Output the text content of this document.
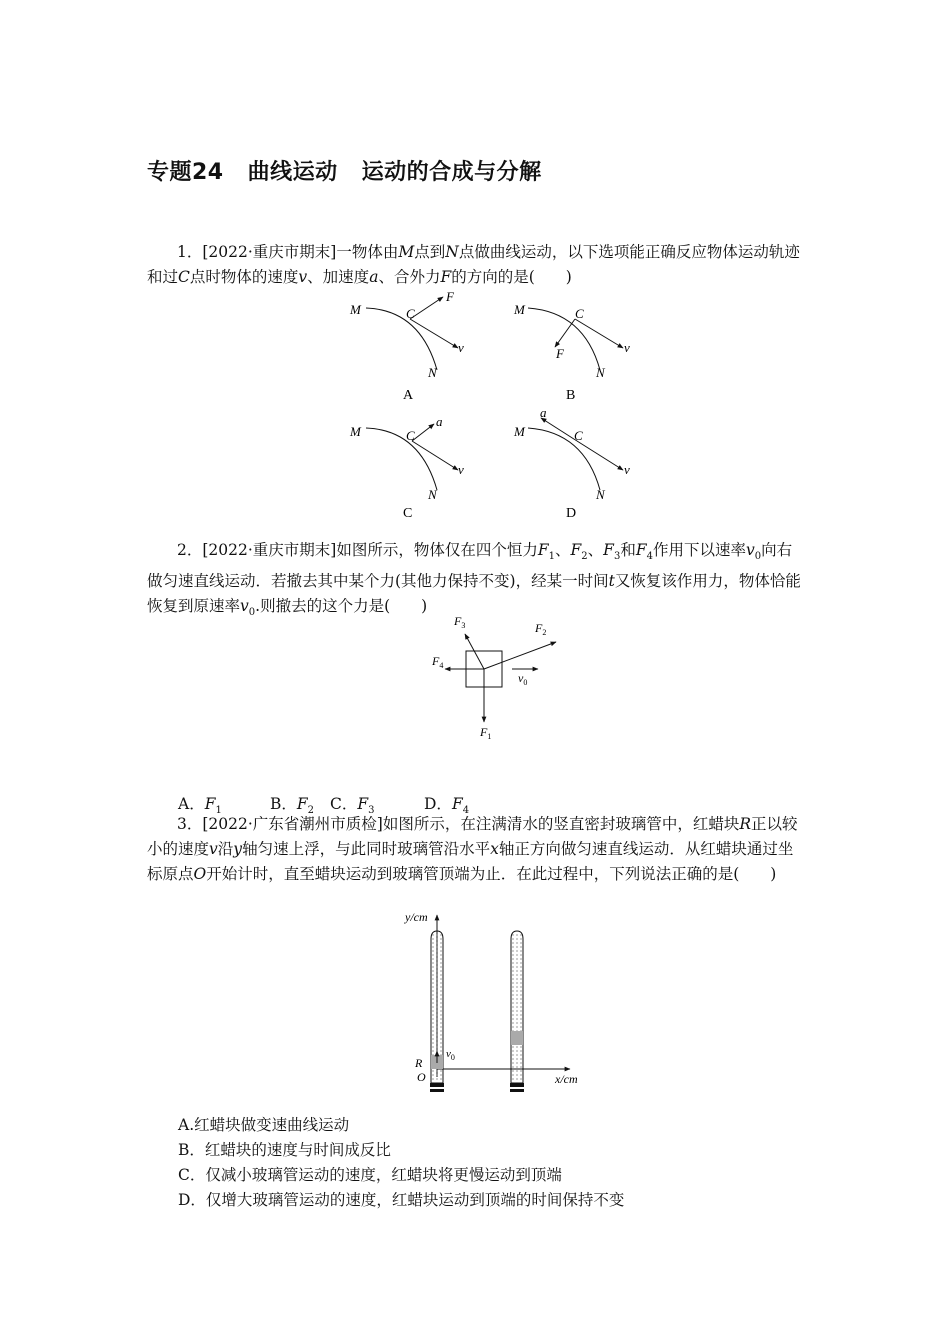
专题24 曲线运动 运动的合成与分解
1．[2022·重庆市期末]一物体由M点到N点做曲线运动，以下选项能正确反应物体运动轨迹和过C点时物体的速度v、加速度a、合外力F的方向的是(　　)
M	C
F
v
N
A
M	C
F	v
N
B
M	C
a
v
N
C
M	C
a
v
N
D
2．[2022·重庆市期末]如图所示，物体仅在四个恒力$F_1$、$F_2$、$F_3$和$F_4$作用下以速率$v_0$向右做匀速直线运动．若撤去其中某个力(其他力保持不变)，经某一时间t又恢复该作用力，物体恰能恢复到原速率$v_0$.则撤去的这个力是(　　)
$F_1$
$F_2$
$F_3$
$F_4$
$v_0$
A．$F_1$	B．$F_2$ C．$F_3$	D．$F_4$
3．[2022·广东省潮州市质检]如图所示，在注满清水的竖直密封玻璃管中，红蜡块R正以较小的速度v沿y轴匀速上浮，与此同时玻璃管沿水平x轴正方向做匀速直线运动．从红蜡块通过坐标原点O开始计时，直至蜡块运动到玻璃管顶端为止．在此过程中，下列说法正确的是(　　)
y/cm
x/cm
R
O
$v_0$
A.红蜡块做变速曲线运动
B．红蜡块的速度与时间成反比
C．仅减小玻璃管运动的速度，红蜡块将更慢运动到顶端
D．仅增大玻璃管运动的速度，红蜡块运动到顶端的时间保持不变
